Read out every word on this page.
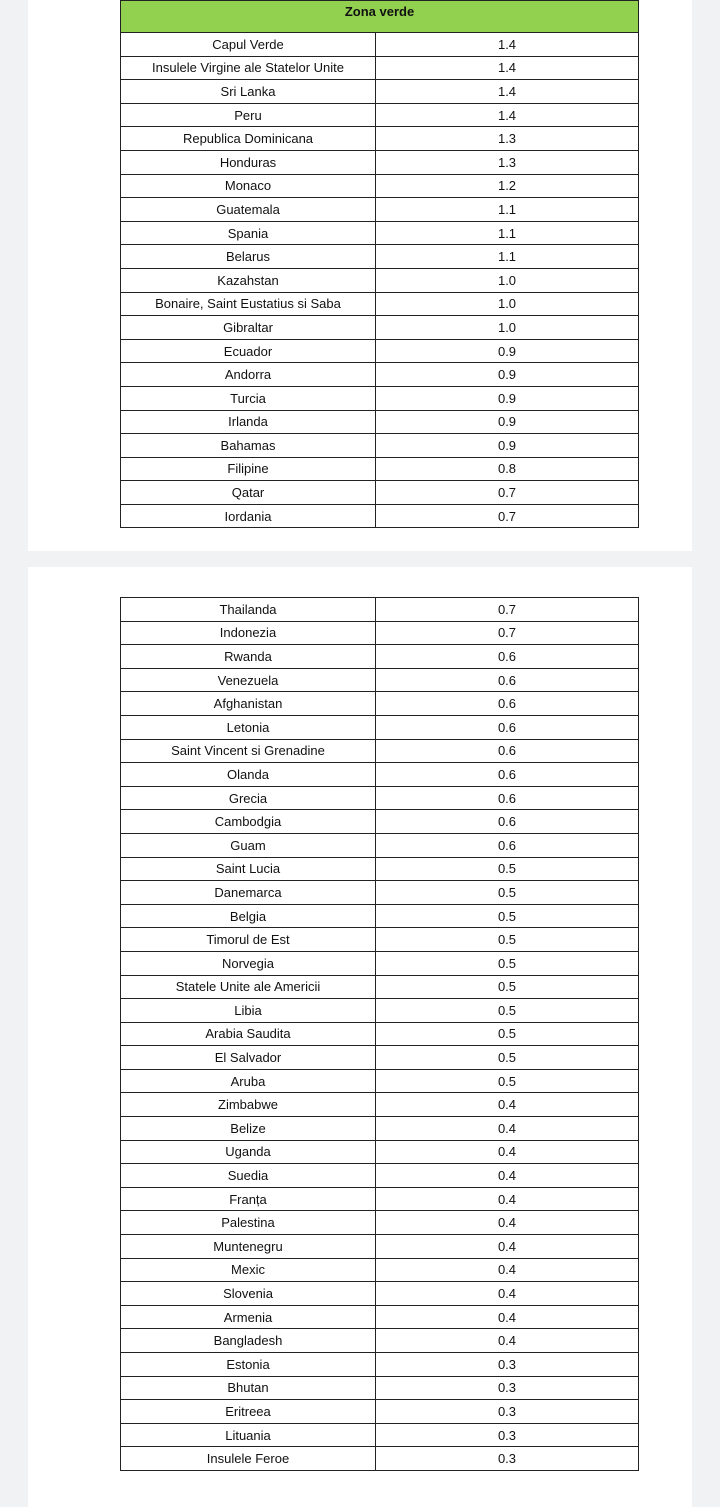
Zona verde	
Capul Verde	1.4
Insulele Virgine ale Statelor Unite	1.4
Sri Lanka	1.4
Peru	1.4
Republica Dominicana	1.3
Honduras	1.3
Monaco	1.2
Guatemala	1.1
Spania	1.1
Belarus	1.1
Kazahstan	1.0
Bonaire, Saint Eustatius si Saba	1.0
Gibraltar	1.0
Ecuador	0.9
Andorra	0.9
Turcia	0.9
Irlanda	0.9
Bahamas	0.9
Filipine	0.8
Qatar	0.7
Iordania	0.7
Thailanda	0.7
Indonezia	0.7
Rwanda	0.6
Venezuela	0.6
Afghanistan	0.6
Letonia	0.6
Saint Vincent si Grenadine	0.6
Olanda	0.6
Grecia	0.6
Cambodgia	0.6
Guam	0.6
Saint Lucia	0.5
Danemarca	0.5
Belgia	0.5
Timorul de Est	0.5
Norvegia	0.5
Statele Unite ale Americii	0.5
Libia	0.5
Arabia Saudita	0.5
El Salvador	0.5
Aruba	0.5
Zimbabwe	0.4
Belize	0.4
Uganda	0.4
Suedia	0.4
Franța	0.4
Palestina	0.4
Muntenegru	0.4
Mexic	0.4
Slovenia	0.4
Armenia	0.4
Bangladesh	0.4
Estonia	0.3
Bhutan	0.3
Eritreea	0.3
Lituania	0.3
Insulele Feroe	0.3
